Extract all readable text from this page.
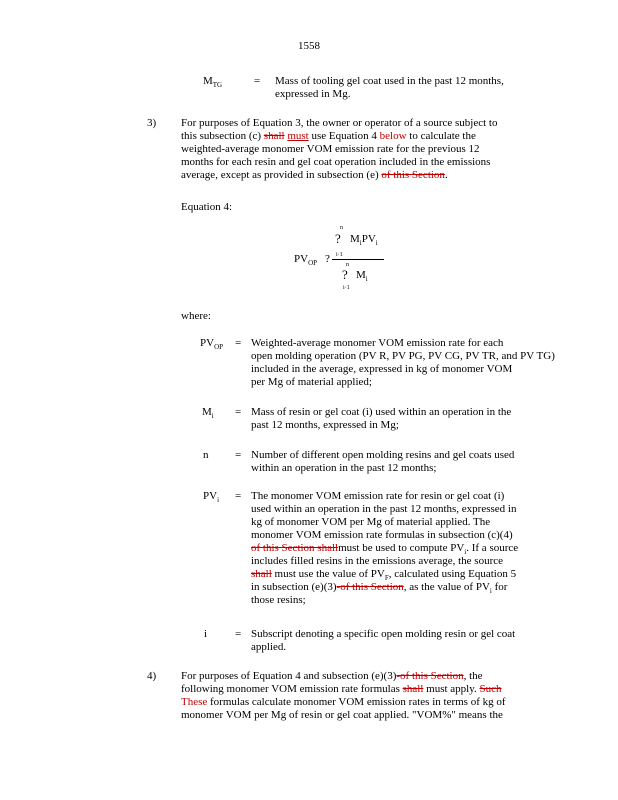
1558
$M_{TG}$	= Mass of tooling gel coat used in the past 12 months,
expressed in Mg.
3) For purposes of Equation 3, the owner or operator of a source subject to
this subsection (c) shall must use Equation 4 below to calculate the
weighted-average monomer VOM emission rate for the previous 12
months for each resin and gel coat operation included in the emissions
average, except as provided in subsection (e) of this Section.
Equation 4:
$PV_{OP}$ ?
n
? $M_iPV_i$
i·1
n
? $M_i$
i·1
where:
$PV_{OP}$ = Weighted-average monomer VOM emission rate for each
open molding operation (PV R, PV PG, PV CG, PV TR, and PV TG)
included in the average, expressed in kg of monomer VOM
per Mg of material applied;
$M_i$ = Mass of resin or gel coat (i) used within an operation in the
past 12 months, expressed in Mg;
n = Number of different open molding resins and gel coats used
within an operation in the past 12 months;
$PV_i$ = The monomer VOM emission rate for resin or gel coat (i)
used within an operation in the past 12 months, expressed in
kg of monomer VOM per Mg of material applied. The
monomer VOM emission rate formulas in subsection (c)(4)
of this Section shallmust be used to compute $PV_i$. If a source
includes filled resins in the emissions average, the source
shall must use the value of $PV_F$, calculated using Equation 5
in subsection (e)(3)-of this Section, as the value of $PV_i$ for
those resins;
i	= Subscript denoting a specific open molding resin or gel coat
applied.
4) For purposes of Equation 4 and subsection (e)(3)-of this Section, the
following monomer VOM emission rate formulas shall must apply. Such
These formulas calculate monomer VOM emission rates in terms of kg of
monomer VOM per Mg of resin or gel coat applied. "VOM%" means the
